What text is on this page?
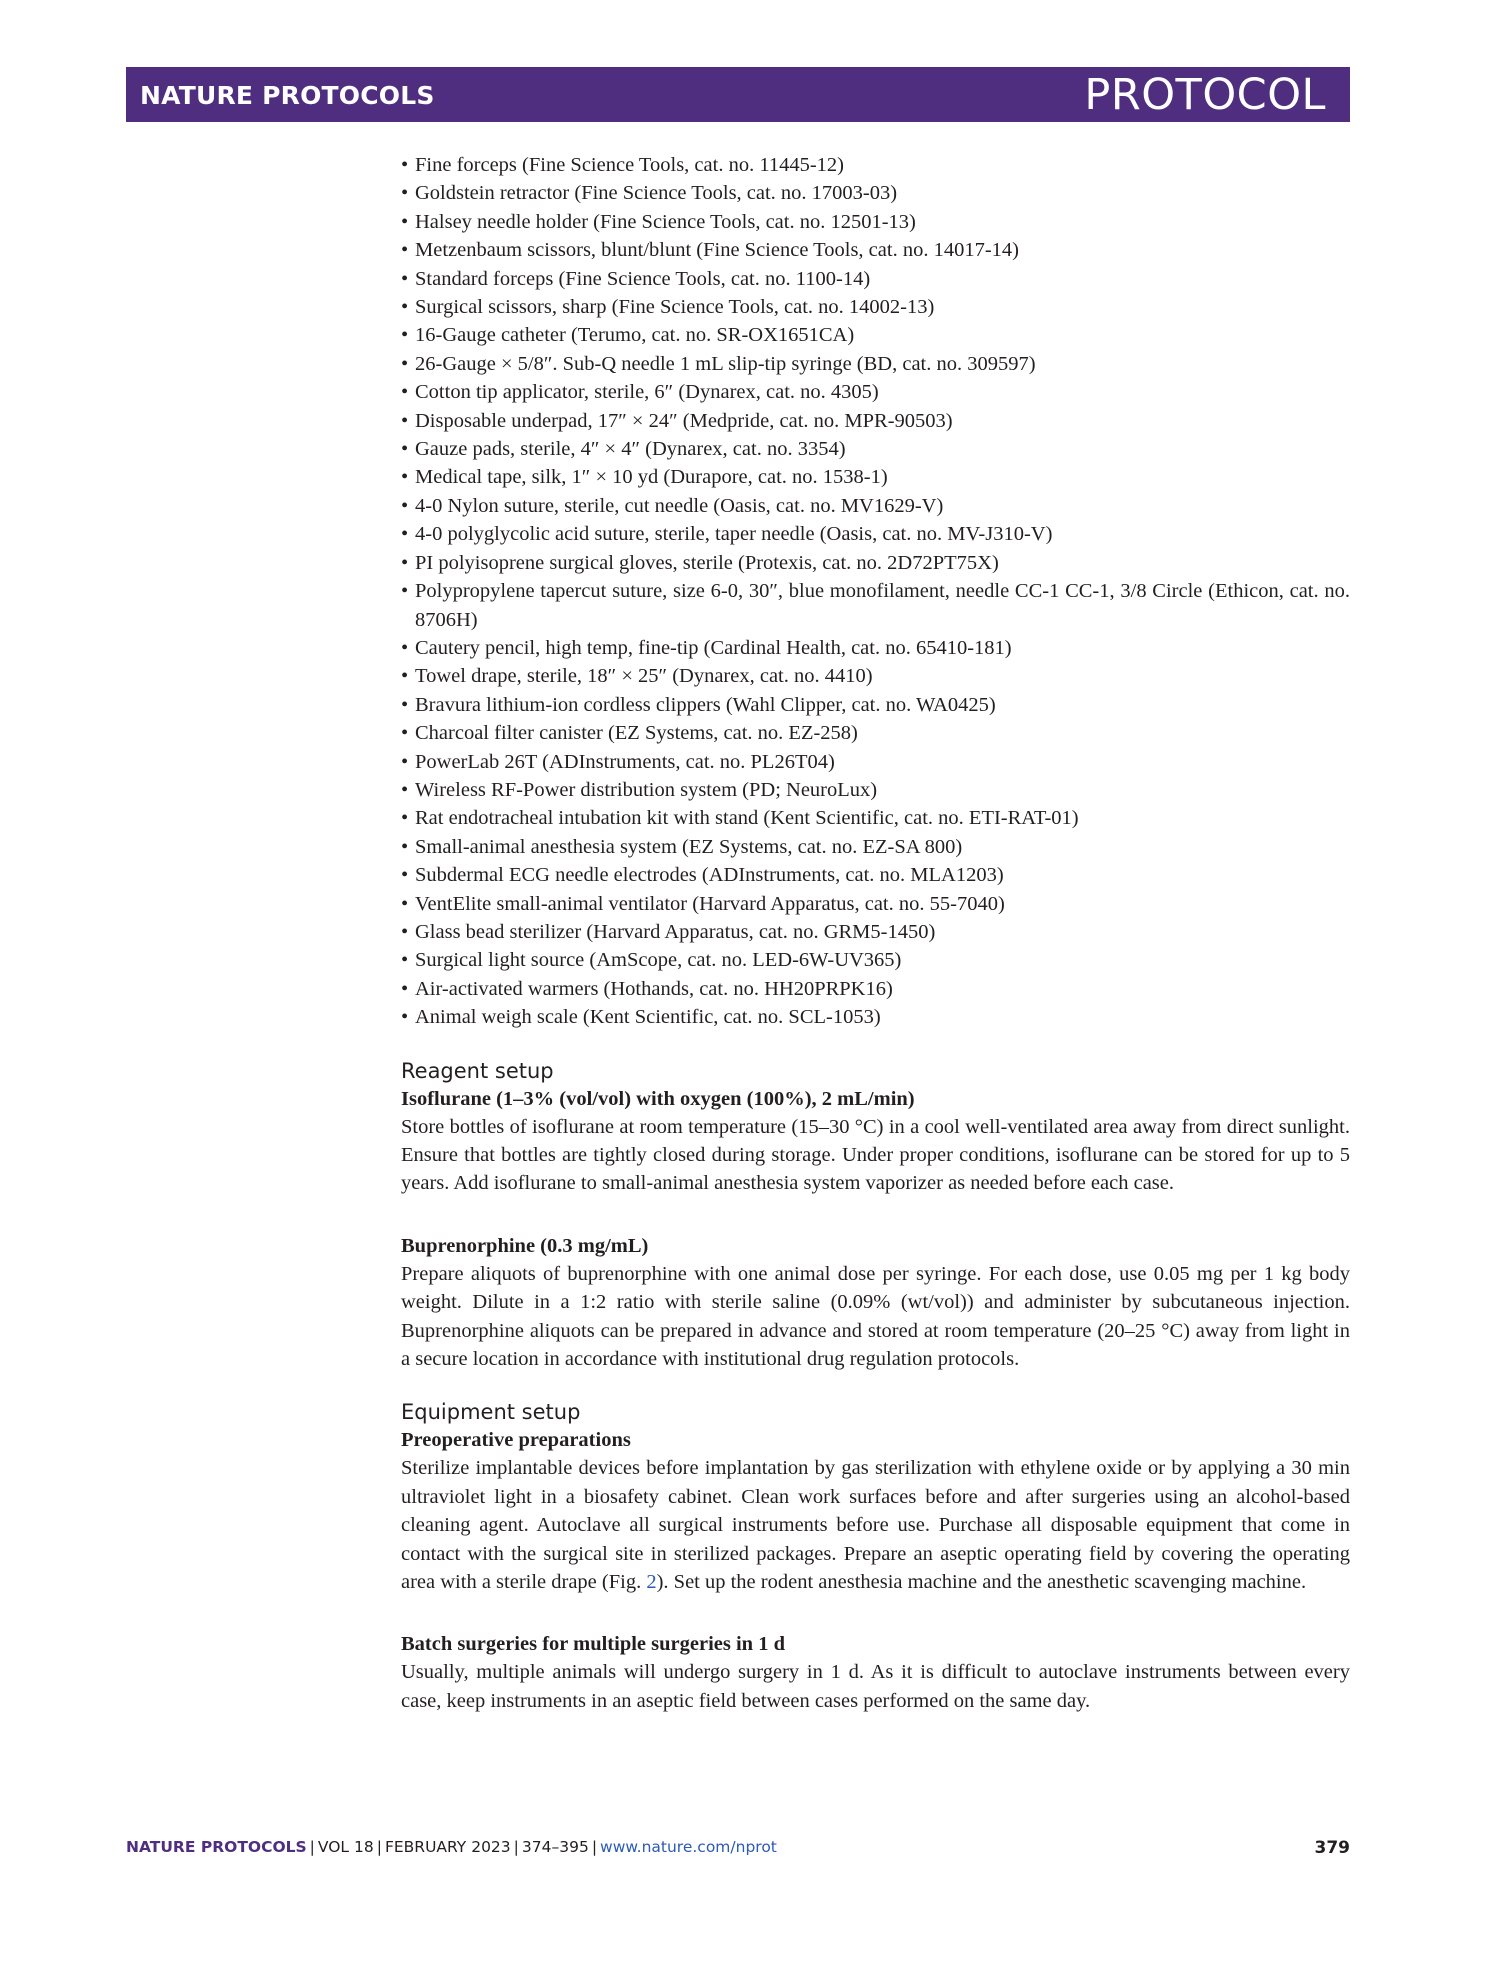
NATURE PROTOCOLS	PROTOCOL
• Fine forceps (Fine Science Tools, cat. no. 11445-12)
• Goldstein retractor (Fine Science Tools, cat. no. 17003-03)
• Halsey needle holder (Fine Science Tools, cat. no. 12501-13)
• Metzenbaum scissors, blunt/blunt (Fine Science Tools, cat. no. 14017-14)
• Standard forceps (Fine Science Tools, cat. no. 1100-14)
• Surgical scissors, sharp (Fine Science Tools, cat. no. 14002-13)
• 16-Gauge catheter (Terumo, cat. no. SR-OX1651CA)
• 26-Gauge × 5/8″. Sub-Q needle 1 mL slip-tip syringe (BD, cat. no. 309597)
• Cotton tip applicator, sterile, 6″ (Dynarex, cat. no. 4305)
• Disposable underpad, 17″ × 24″ (Medpride, cat. no. MPR-90503)
• Gauze pads, sterile, 4″ × 4″ (Dynarex, cat. no. 3354)
• Medical tape, silk, 1″ × 10 yd (Durapore, cat. no. 1538-1)
• 4-0 Nylon suture, sterile, cut needle (Oasis, cat. no. MV1629-V)
• 4-0 polyglycolic acid suture, sterile, taper needle (Oasis, cat. no. MV-J310-V)
• PI polyisoprene surgical gloves, sterile (Protexis, cat. no. 2D72PT75X)
• Polypropylene tapercut suture, size 6-0, 30″, blue monofilament, needle CC-1 CC-1, 3/8 Circle (Ethicon, cat. no. 8706H)
• Cautery pencil, high temp, fine-tip (Cardinal Health, cat. no. 65410-181)
• Towel drape, sterile, 18″ × 25″ (Dynarex, cat. no. 4410)
• Bravura lithium-ion cordless clippers (Wahl Clipper, cat. no. WA0425)
• Charcoal filter canister (EZ Systems, cat. no. EZ-258)
• PowerLab 26T (ADInstruments, cat. no. PL26T04)
• Wireless RF-Power distribution system (PD; NeuroLux)
• Rat endotracheal intubation kit with stand (Kent Scientific, cat. no. ETI-RAT-01)
• Small-animal anesthesia system (EZ Systems, cat. no. EZ-SA 800)
• Subdermal ECG needle electrodes (ADInstruments, cat. no. MLA1203)
• VentElite small-animal ventilator (Harvard Apparatus, cat. no. 55-7040)
• Glass bead sterilizer (Harvard Apparatus, cat. no. GRM5-1450)
• Surgical light source (AmScope, cat. no. LED-6W-UV365)
• Air-activated warmers (Hothands, cat. no. HH20PRPK16)
• Animal weigh scale (Kent Scientific, cat. no. SCL-1053)
Reagent setup
Isoflurane (1–3% (vol/vol) with oxygen (100%), 2 mL/min)

Store bottles of isoflurane at room temperature (15–30 °C) in a cool well-ventilated area away from direct sunlight. Ensure that bottles are tightly closed during storage. Under proper conditions, isoflurane can be stored for up to 5 years. Add isoflurane to small-animal anesthesia system vaporizer as needed before each case.

Buprenorphine (0.3 mg/mL)

Prepare aliquots of buprenorphine with one animal dose per syringe. For each dose, use 0.05 mg per 1 kg body weight. Dilute in a 1:2 ratio with sterile saline (0.09% (wt/vol)) and administer by subcutaneous injection. Buprenorphine aliquots can be prepared in advance and stored at room temperature (20–25 °C) away from light in a secure location in accordance with institutional drug regulation protocols.

Equipment setup
Preoperative preparations

Sterilize implantable devices before implantation by gas sterilization with ethylene oxide or by applying a 30 min ultraviolet light in a biosafety cabinet. Clean work surfaces before and after surgeries using an alcohol-based cleaning agent. Autoclave all surgical instruments before use. Purchase all disposable equipment that come in contact with the surgical site in sterilized packages. Prepare an aseptic operating field by covering the operating area with a sterile drape (Fig. 2). Set up the rodent anesthesia machine and the anesthetic scavenging machine.

Batch surgeries for multiple surgeries in 1 d

Usually, multiple animals will undergo surgery in 1 d. As it is difficult to autoclave instruments between every case, keep instruments in an aseptic field between cases performed on the same day.

NATURE PROTOCOLS | VOL 18 | FEBRUARY 2023 | 374–395 | www.nature.com/nprot	379
